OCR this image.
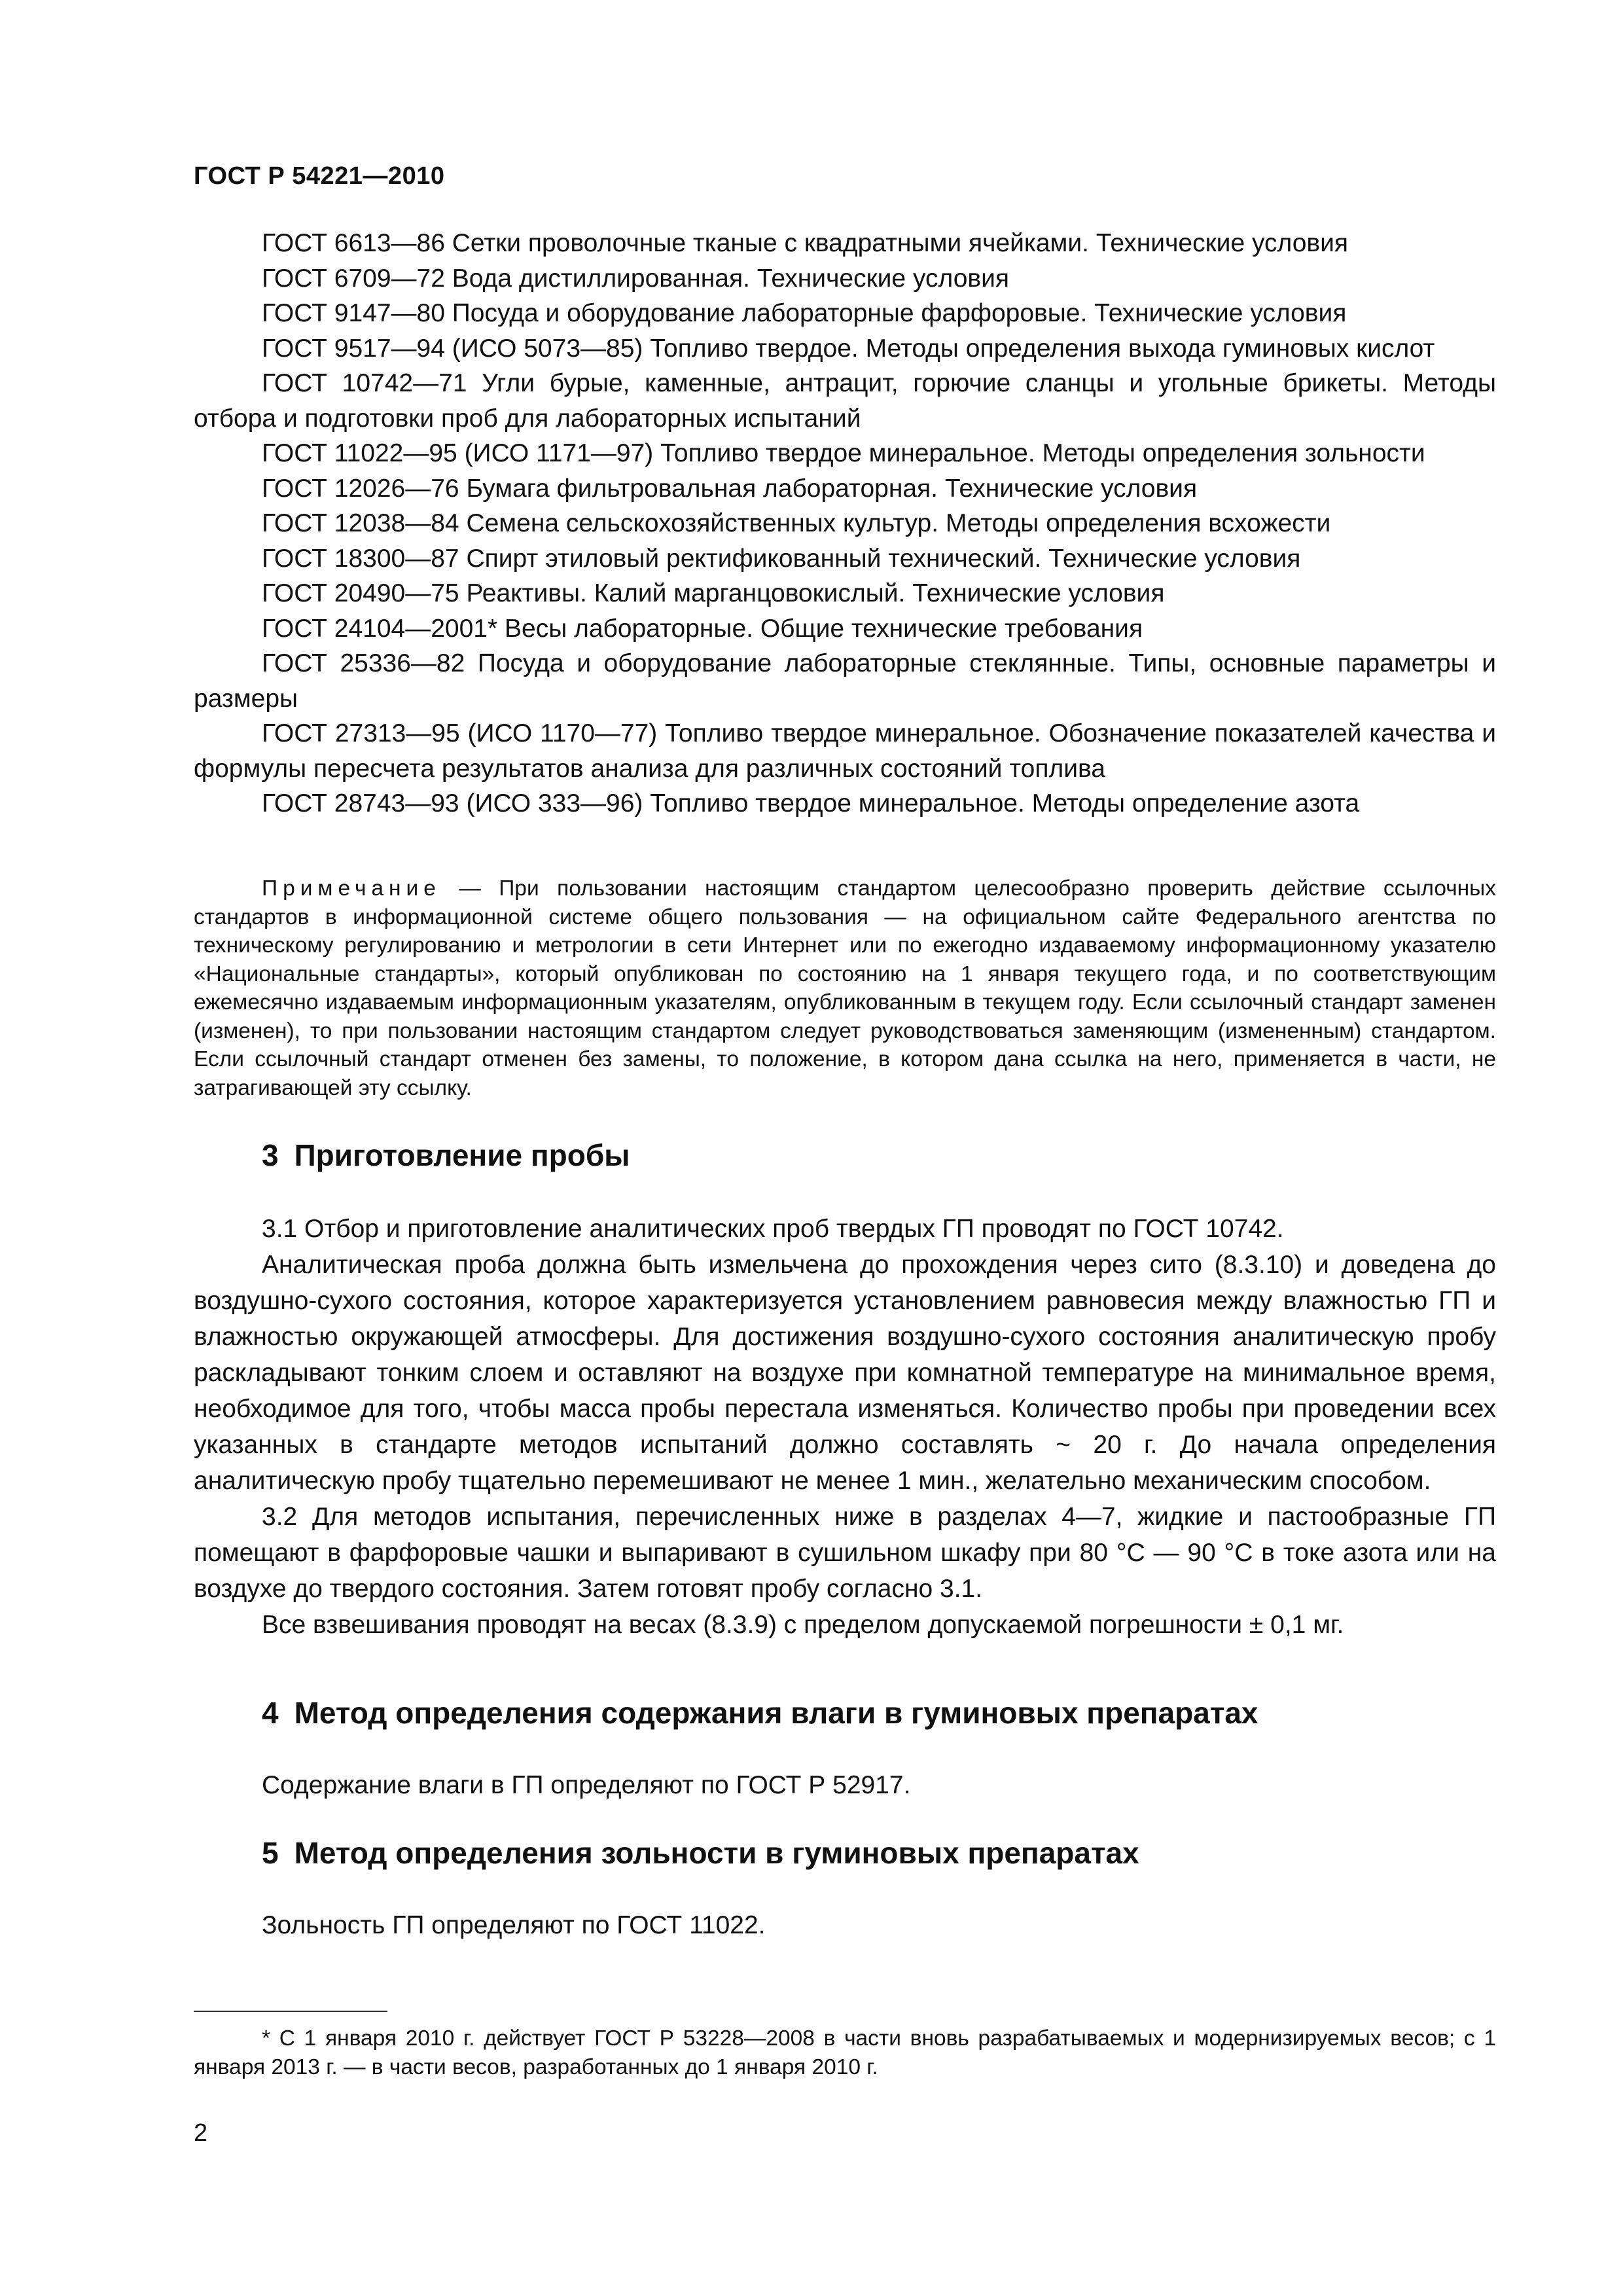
ГОСТ Р 54221—2010

ГОСТ 6613—86 Сетки проволочные тканые с квадратными ячейками. Технические условия

ГОСТ 6709—72 Вода дистиллированная. Технические условия

ГОСТ 9147—80 Посуда и оборудование лабораторные фарфоровые. Технические условия

ГОСТ 9517—94 (ИСО 5073—85) Топливо твердое. Методы определения выхода гуминовых кислот

ГОСТ 10742—71 Угли бурые, каменные, антрацит, горючие сланцы и угольные брикеты. Методы отбора и подготовки проб для лабораторных испытаний

ГОСТ 11022—95 (ИСО 1171—97) Топливо твердое минеральное. Методы определения зольности

ГОСТ 12026—76 Бумага фильтровальная лабораторная. Технические условия

ГОСТ 12038—84 Семена сельскохозяйственных культур. Методы определения всхожести

ГОСТ 18300—87 Спирт этиловый ректификованный технический. Технические условия

ГОСТ 20490—75 Реактивы. Калий марганцовокислый. Технические условия

ГОСТ 24104—2001* Весы лабораторные. Общие технические требования

ГОСТ 25336—82 Посуда и оборудование лабораторные стеклянные. Типы, основные параметры и размеры

ГОСТ 27313—95 (ИСО 1170—77) Топливо твердое минеральное. Обозначение показателей качества и формулы пересчета результатов анализа для различных состояний топлива

ГОСТ 28743—93 (ИСО 333—96) Топливо твердое минеральное. Методы определение азота

Примечание — При пользовании настоящим стандартом целесообразно проверить действие ссылочных стандартов в информационной системе общего пользования — на официальном сайте Федерального агентства по техническому регулированию и метрологии в сети Интернет или по ежегодно издаваемому информационному указателю «Национальные стандарты», который опубликован по состоянию на 1 января текущего года, и по соответствующим ежемесячно издаваемым информационным указателям, опубликованным в текущем году. Если ссылочный стандарт заменен (изменен), то при пользовании настоящим стандартом следует руководствоваться заменяющим (измененным) стандартом. Если ссылочный стандарт отменен без замены, то положение, в котором дана ссылка на него, применяется в части, не затрагивающей эту ссылку.

3 Приготовление пробы

3.1 Отбор и приготовление аналитических проб твердых ГП проводят по ГОСТ 10742.

Аналитическая проба должна быть измельчена до прохождения через сито (8.3.10) и доведена до воздушно-сухого состояния, которое характеризуется установлением равновесия между влажностью ГП и влажностью окружающей атмосферы. Для достижения воздушно-сухого состояния аналитическую пробу раскладывают тонким слоем и оставляют на воздухе при комнатной температуре на минимальное время, необходимое для того, чтобы масса пробы перестала изменяться. Количество пробы при проведении всех указанных в стандарте методов испытаний должно составлять ~ 20 г. До начала определения аналитическую пробу тщательно перемешивают не менее 1 мин., желательно механическим способом.

3.2 Для методов испытания, перечисленных ниже в разделах 4—7, жидкие и пастообразные ГП помещают в фарфоровые чашки и выпаривают в сушильном шкафу при 80 °С — 90 °С в токе азота или на воздухе до твердого состояния. Затем готовят пробу согласно 3.1.

Все взвешивания проводят на весах (8.3.9) с пределом допускаемой погрешности ± 0,1 мг.

4 Метод определения содержания влаги в гуминовых препаратах

Содержание влаги в ГП определяют по ГОСТ Р 52917.

5 Метод определения зольности в гуминовых препаратах

Зольность ГП определяют по ГОСТ 11022.

* С 1 января 2010 г. действует ГОСТ Р 53228—2008 в части вновь разрабатываемых и модернизируемых весов; с 1 января 2013 г. — в части весов, разработанных до 1 января 2010 г.

2
